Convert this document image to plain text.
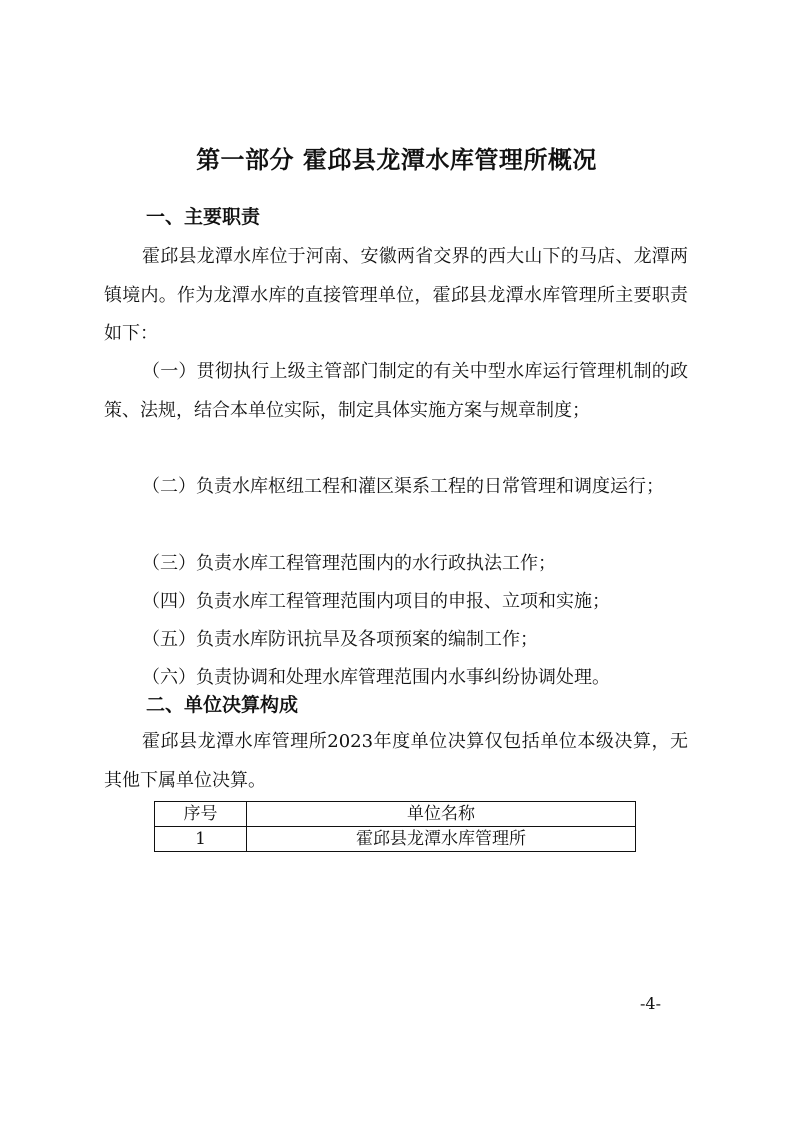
第一部分 霍邱县龙潭水库管理所概况
一、主要职责

霍邱县龙潭水库位于河南、安徽两省交界的西大山下的马店、龙潭两镇境内。作为龙潭水库的直接管理单位，霍邱县龙潭水库管理所主要职责如下：

（一）贯彻执行上级主管部门制定的有关中型水库运行管理机制的政策、法规，结合本单位实际，制定具体实施方案与规章制度；

（二）负责水库枢纽工程和灌区渠系工程的日常管理和调度运行；

（三）负责水库工程管理范围内的水行政执法工作；

（四）负责水库工程管理范围内项目的申报、立项和实施；

（五）负责水库防讯抗旱及各项预案的编制工作；

（六）负责协调和处理水库管理范围内水事纠纷协调处理。

二、单位决算构成

霍邱县龙潭水库管理所2023年度单位决算仅包括单位本级决算，无其他下属单位决算。

序号	单位名称
1	霍邱县龙潭水库管理所
-4-
